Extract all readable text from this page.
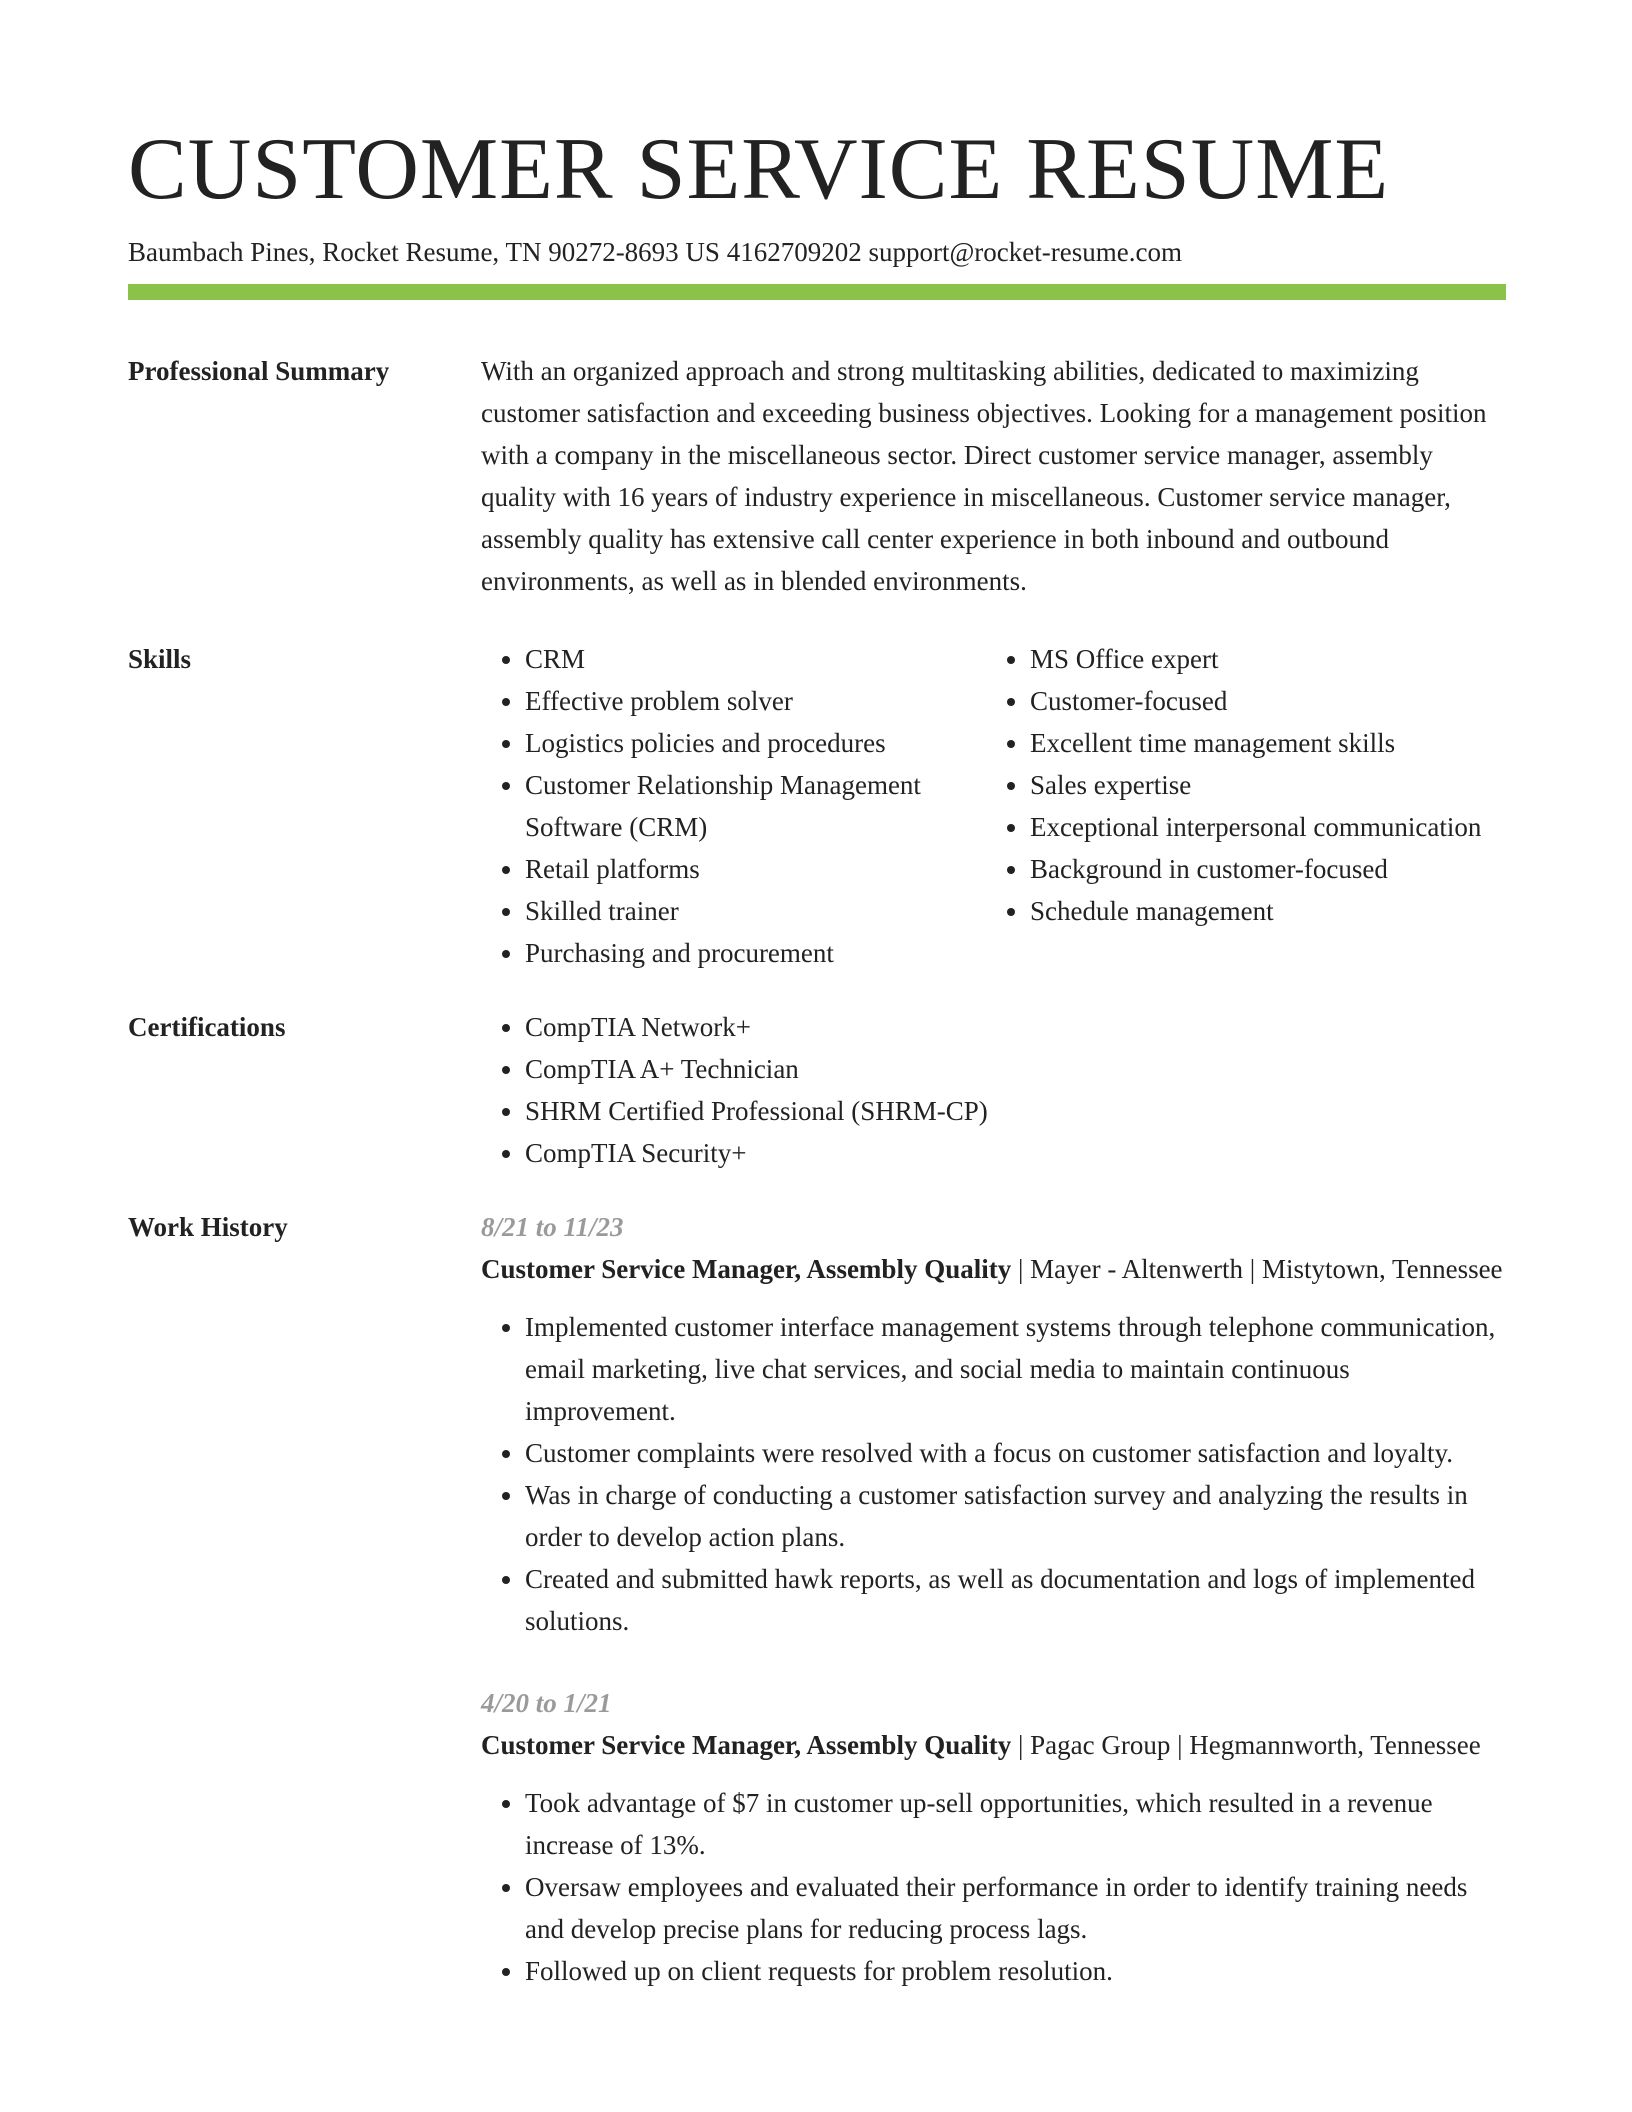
CUSTOMER SERVICE RESUME
Baumbach Pines, Rocket Resume, TN 90272-8693 US 4162709202 support@rocket-resume.com
Professional Summary	With an organized approach and strong multitasking abilities, dedicated to maximizing customer satisfaction and exceeding business objectives. Looking for a management position with a company in the miscellaneous sector. Direct customer service manager, assembly quality with 16 years of industry experience in miscellaneous. Customer service manager, assembly quality has extensive call center experience in both inbound and outbound environments, as well as in blended environments.
Skills	• CRM
• Effective problem solver
• Logistics policies and procedures
• Customer Relationship Management Software (CRM)
• Retail platforms
• Skilled trainer
• Purchasing and procurement
• MS Office expert
• Customer-focused
• Excellent time management skills
• Sales expertise
• Exceptional interpersonal communication
• Background in customer-focused
• Schedule management
Certifications	• CompTIA Network+
• CompTIA A+ Technician
• SHRM Certified Professional (SHRM-CP)
• CompTIA Security+
Work History	8/21 to 11/23
Customer Service Manager, Assembly Quality | Mayer - Altenwerth | Mistytown, Tennessee
• Implemented customer interface management systems through telephone communication, email marketing, live chat services, and social media to maintain continuous improvement.
• Customer complaints were resolved with a focus on customer satisfaction and loyalty.
• Was in charge of conducting a customer satisfaction survey and analyzing the results in order to develop action plans.
• Created and submitted hawk reports, as well as documentation and logs of implemented solutions.
4/20 to 1/21
Customer Service Manager, Assembly Quality | Pagac Group | Hegmannworth, Tennessee
• Took advantage of $7 in customer up-sell opportunities, which resulted in a revenue increase of 13%.
• Oversaw employees and evaluated their performance in order to identify training needs and develop precise plans for reducing process lags.
• Followed up on client requests for problem resolution.
